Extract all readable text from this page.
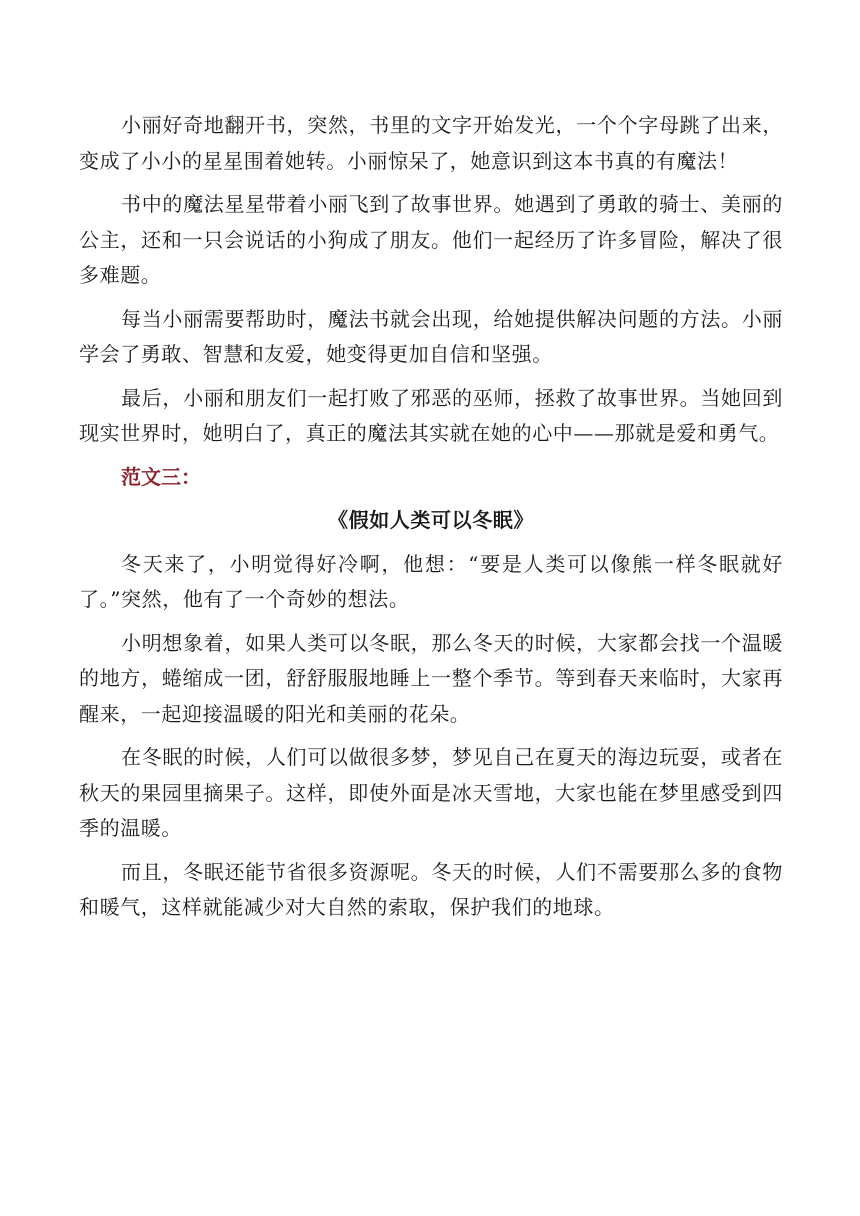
小丽好奇地翻开书，突然，书里的文字开始发光，一个个字母跳了出来，变成了小小的星星围着她转。小丽惊呆了，她意识到这本书真的有魔法！

书中的魔法星星带着小丽飞到了故事世界。她遇到了勇敢的骑士、美丽的公主，还和一只会说话的小狗成了朋友。他们一起经历了许多冒险，解决了很多难题。

每当小丽需要帮助时，魔法书就会出现，给她提供解决问题的方法。小丽学会了勇敢、智慧和友爱，她变得更加自信和坚强。

最后，小丽和朋友们一起打败了邪恶的巫师，拯救了故事世界。当她回到现实世界时，她明白了，真正的魔法其实就在她的心中——那就是爱和勇气。

范文三：

《假如人类可以冬眠》

冬天来了，小明觉得好冷啊，他想：“要是人类可以像熊一样冬眠就好了。”突然，他有了一个奇妙的想法。

小明想象着，如果人类可以冬眠，那么冬天的时候，大家都会找一个温暖的地方，蜷缩成一团，舒舒服服地睡上一整个季节。等到春天来临时，大家再醒来，一起迎接温暖的阳光和美丽的花朵。

在冬眠的时候，人们可以做很多梦，梦见自己在夏天的海边玩耍，或者在秋天的果园里摘果子。这样，即使外面是冰天雪地，大家也能在梦里感受到四季的温暖。

而且，冬眠还能节省很多资源呢。冬天的时候，人们不需要那么多的食物和暖气，这样就能减少对大自然的索取，保护我们的地球。
